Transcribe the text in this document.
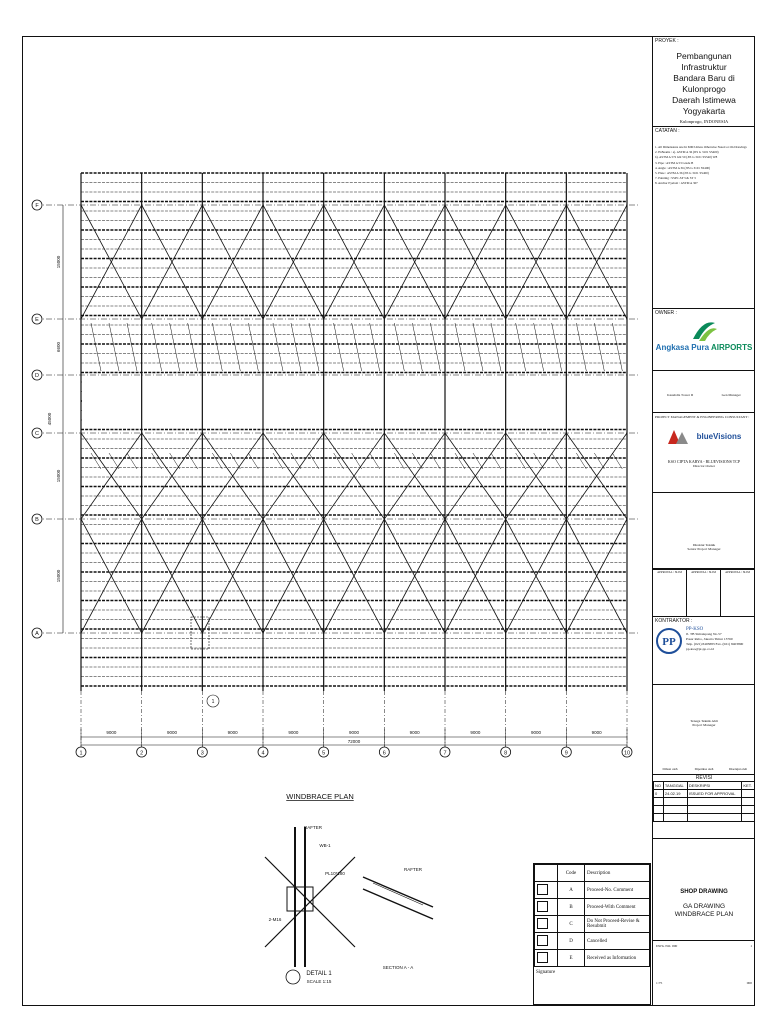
1	2	3	4	5	6	7	8	9	10
F
E
D
C
B
A
9000	9000	9000	9000	9000	9000	9000	9000	9000
72000
15000
6600
15000
15000
45000
1
WINDBRACE PLAN
RAFTER
WB-1
PL10*180
2-M16
DETAIL 1
SCALE 1:15
RAFTER
SECTION A - A
PROYEK :
Pembangunan Infrastruktur
Bandara Baru di Kulonprogo
Daerah Istimewa Yogyakarta
Kulonprogo, INDONESIA
CATATAN :
1. All Dimensions Are In MM Unless Otherwise Noted or On Drawings
2. H-Beams : a). ASTM A 36 (JIS G 3101 SS400)
b). ASTM A 572 GR 50 (JIS G 3101 SS540) W8
3. Pipe : ASTM A 53 Grade B
4. Angle : ASTM A 36 (JIS G 3101 SS400)
5. Plate : ASTM A 36 (JIS G 3101 SS400)
7. Painting : SSPC-SP 3 & ST 3
8. Anchor Eyebolt : ASTM A 307
OWNER :
Angkasa Pura AIRPORTS
Kasubdis Tower II	Gen Manager
PROJECT MANAGEMENT & ENGINEERING CONSULTANT :
blueVisions
KSO CIPTA KARYA - BLUEVISIONS TCP
Director Owner
Direktur Teknik
Senior Project Manager
APPROVAL / SLIM	APPROVAL / SLIM	APPROVAL / SLIM
KONTRAKTOR :
PP
PP-KSO
Jl. TB Simatupang No.57
Pasar Rebo, Jakarta Timur 13760
Telp. (021) 8403883 Fax. (021) 8403890
pp-kso@pt-pp.co.id
Tenaga Teknik Ahli
Project Manager
Dibuat oleh	Diperiksa oleh	Disetujui oleh
REVISI
NO	TANGGAL	DESKRIPSI	KET.
0	24.02.19	ISSUED FOR APPROVAL	

SHOP DRAWING
GA DRAWING
WINDBRACE PLAN
DWG NO. 000	1
1:75	000
	Code	Description
	A	Proceed-No. Comment
	B	Proceed-With Comment
	C	Do Not Proceed-Revise & Resubmit
	D	Cancelled
	E	Received as Information
Signature
